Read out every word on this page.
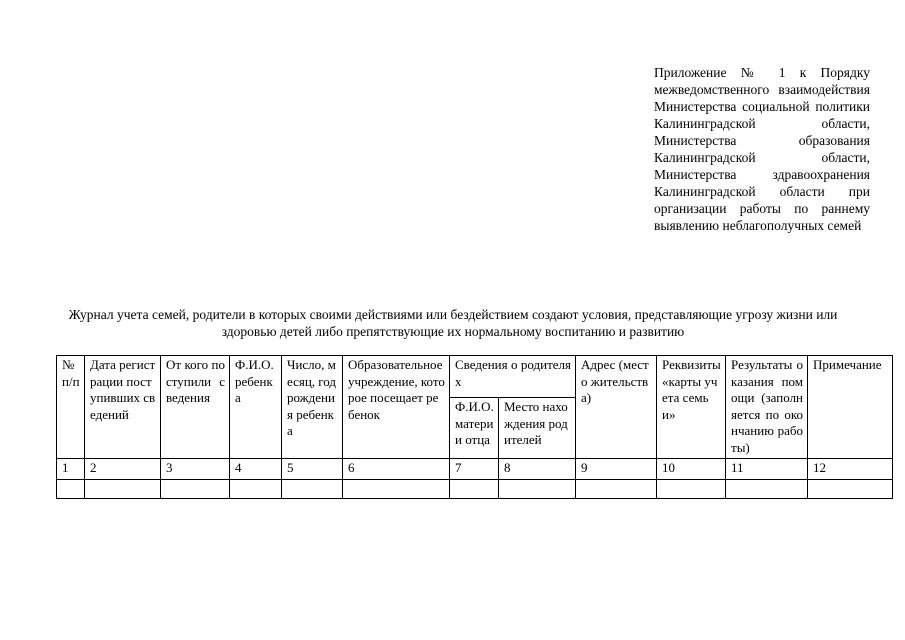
Приложение № 1 к Порядку межведомственного взаимодействия Министерства социальной политики Калининградской области, Министерства образования Калининградской области, Министерства здравоохранения Калининградской области при организации работы по раннему выявлению неблагополучных семей
Журнал учета семей, родители в которых своими действиями или бездействием создают условия, представляющие угрозу жизни или здоровью детей либо препятствующие их нормальному воспитанию и развитию
№ п/п	Дата регистрации поступивших сведений	От кого поступили сведения	Ф.И.О. ребенка	Число, месяц, год рождения ребенка	Образовательное учреждение, которое посещает ребенок	Сведения о родителях		Адрес (место жительства)	Реквизиты «карты учета семьи»	Результаты оказания помощи (заполняется по окончанию работы)	Примечание
						Ф.И.О. матери и отца	Место нахождения родителей				
1	2	3	4	5	6	7	8	9	10	11	12
